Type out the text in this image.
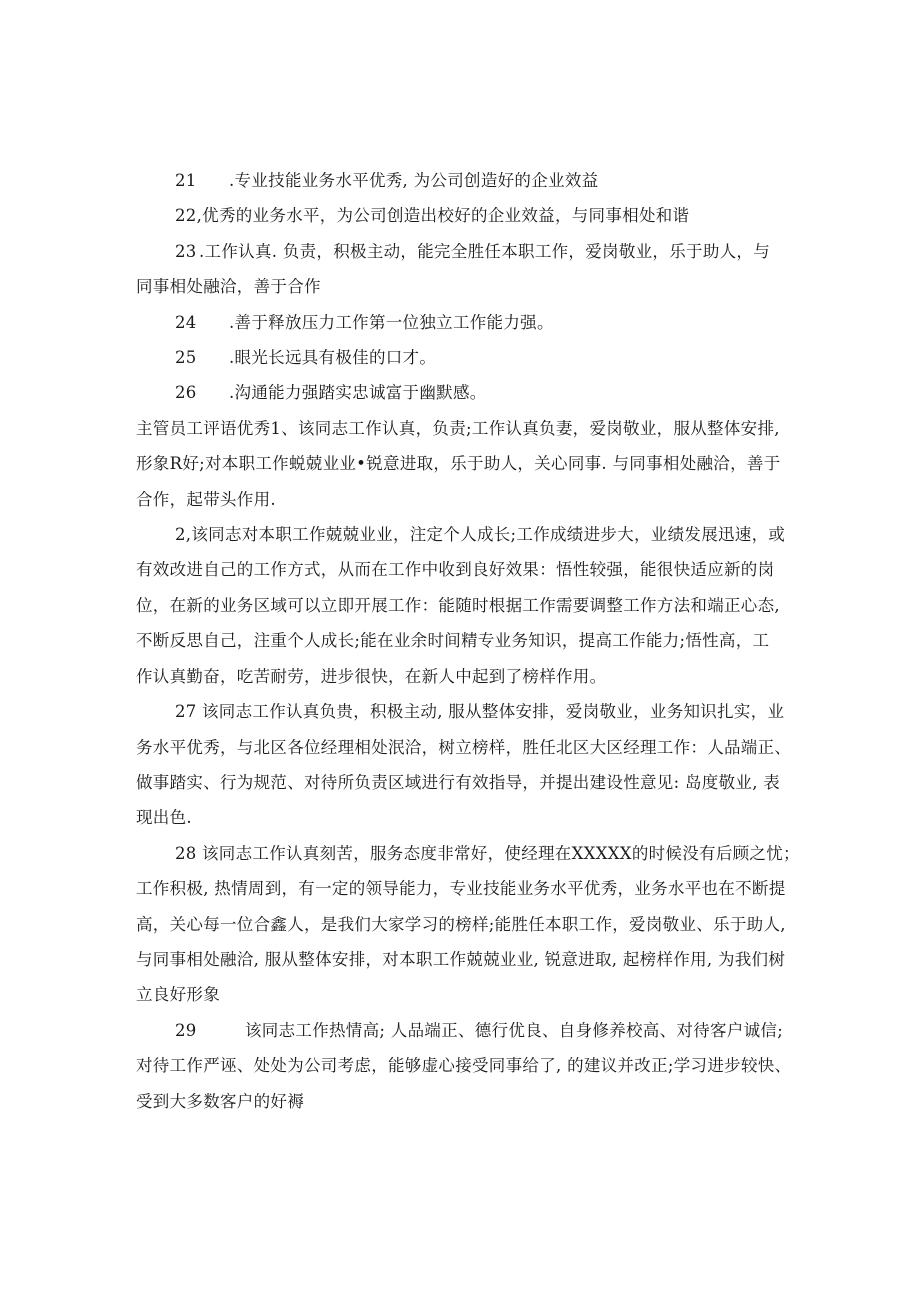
21 .专业技能业务水平优秀, 为公司创造好的企业效益
22,优秀的业务水平，为公司创造出校好的企业效益，与同事相处和谐
23 .工作认真. 负责，积极主动，能完全胜任本职工作，爱岗敬业，乐于助人，与
同事相处融洽，善于合作
24 .善于释放压力工作第一位独立工作能力强。
25 .眼光长远具有极佳的口才。
26 .沟通能力强踏实忠诚富于幽默感。
主管员工评语优秀1、该同志工作认真，负责;工作认真负妻，爱岗敬业，服从整体安排,
形象R好;对本职工作蜕兢业业•锐意进取，乐于助人，关心同事. 与同事相处融洽，善于
合作，起带头作用.
2,该同志对本职工作兢兢业业，注定个人成长;工作成绩进步大，业绩发展迅速，或
有效改进自己的工作方式，从而在工作中收到良好效果：悟性较强，能很快适应新的岗
位，在新的业务区域可以立即开展工作：能随时根据工作需要调整工作方法和端正心态,
不断反思自己，注重个人成长;能在业余时间精专业务知识，提高工作能力;悟性高，工
作认真勤奋，吃苦耐劳，进步很快，在新人中起到了榜样作用。
27 该同志工作认真负贵，积极主动, 服从整体安排，爱岗敬业，业务知识扎实，业
务水平优秀，与北区各位经理相处泯洽，树立榜样，胜任北区大区经理工作：人品端正、
做事踏实、行为规范、对待所负责区域进行有效指导，并提出建设性意见: 岛度敬业, 表
现出色.
28 该同志工作认真刻苦，服务态度非常好，使经理在XXXXX的时候没有后顾之忧；
工作积极, 热情周到，有一定的领导能力，专业技能业务水平优秀，业务水平也在不断提
高，关心每一位合鑫人，是我们大家学习的榜样;能胜任本职工作，爱岗敬业、乐于助人,
与同事相处融洽, 服从整体安排，对本职工作兢兢业业, 锐意进取, 起榜样作用, 为我们树
立良好形象
29	该同志工作热情高; 人品端正、德行优良、自身修养校高、对待客户诚信;
对待工作严诬、处处为公司考虑，能够虚心接受同事给了, 的建议并改正;学习进步较快、
受到大多数客户的好褥
